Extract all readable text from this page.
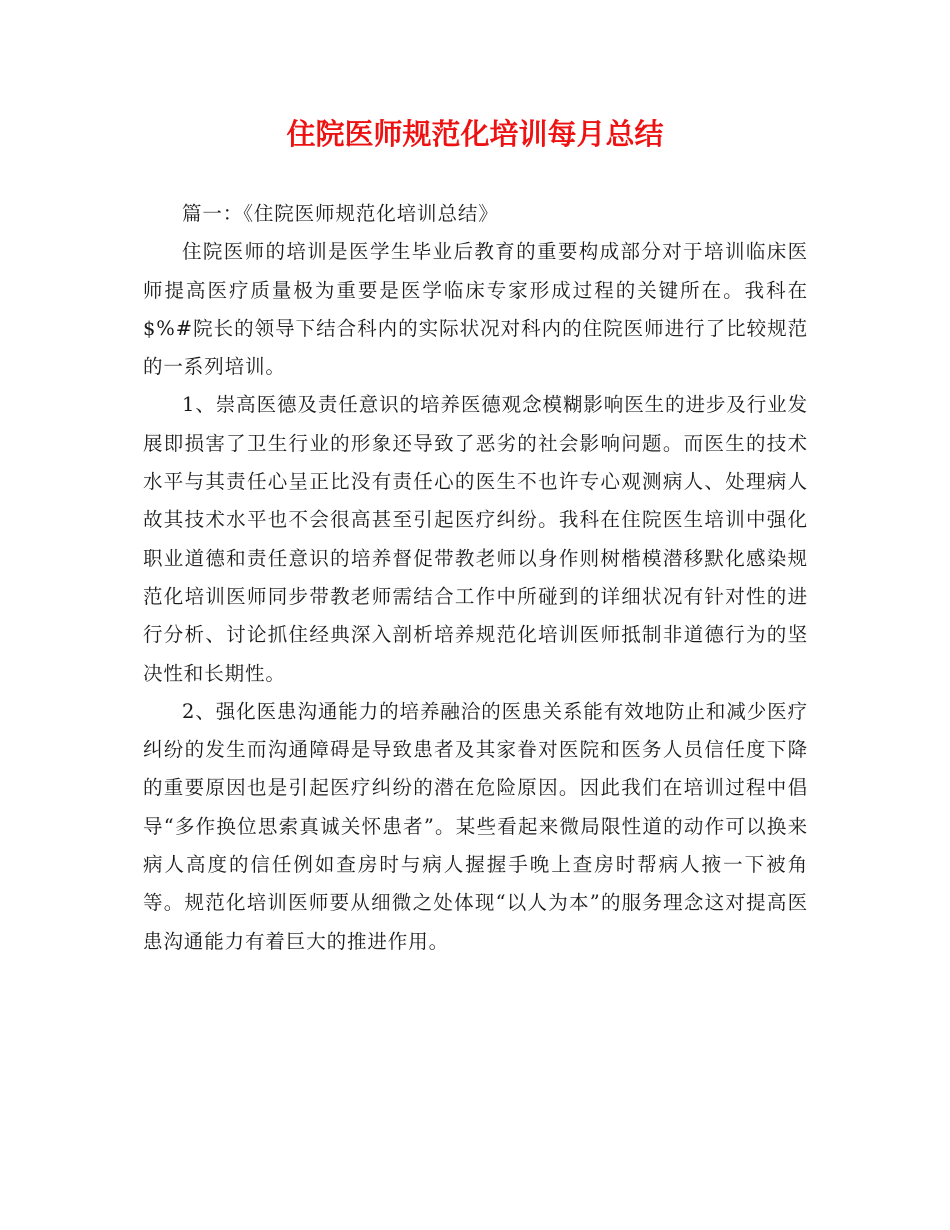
住院医师规范化培训每月总结

篇一：《住院医师规范化培训总结》

住院医师的培训是医学生毕业后教育的重要构成部分对于培训临床医师提高医疗质量极为重要是医学临床专家形成过程的关键所在。我科在$%#院长的领导下结合科内的实际状况对科内的住院医师进行了比较规范的一系列培训。

1、崇高医德及责任意识的培养医德观念模糊影响医生的进步及行业发展即损害了卫生行业的形象还导致了恶劣的社会影响问题。而医生的技术水平与其责任心呈正比没有责任心的医生不也许专心观测病人、处理病人故其技术水平也不会很高甚至引起医疗纠纷。我科在住院医生培训中强化职业道德和责任意识的培养督促带教老师以身作则树楷模潜移默化感染规范化培训医师同步带教老师需结合工作中所碰到的详细状况有针对性的进行分析、讨论抓住经典深入剖析培养规范化培训医师抵制非道德行为的坚决性和长期性。

2、强化医患沟通能力的培养融洽的医患关系能有效地防止和减少医疗纠纷的发生而沟通障碍是导致患者及其家眷对医院和医务人员信任度下降的重要原因也是引起医疗纠纷的潜在危险原因。因此我们在培训过程中倡导“多作换位思索真诚关怀患者”。某些看起来微局限性道的动作可以换来病人高度的信任例如查房时与病人握握手晚上查房时帮病人掖一下被角等。规范化培训医师要从细微之处体现“以人为本”的服务理念这对提高医患沟通能力有着巨大的推进作用。
